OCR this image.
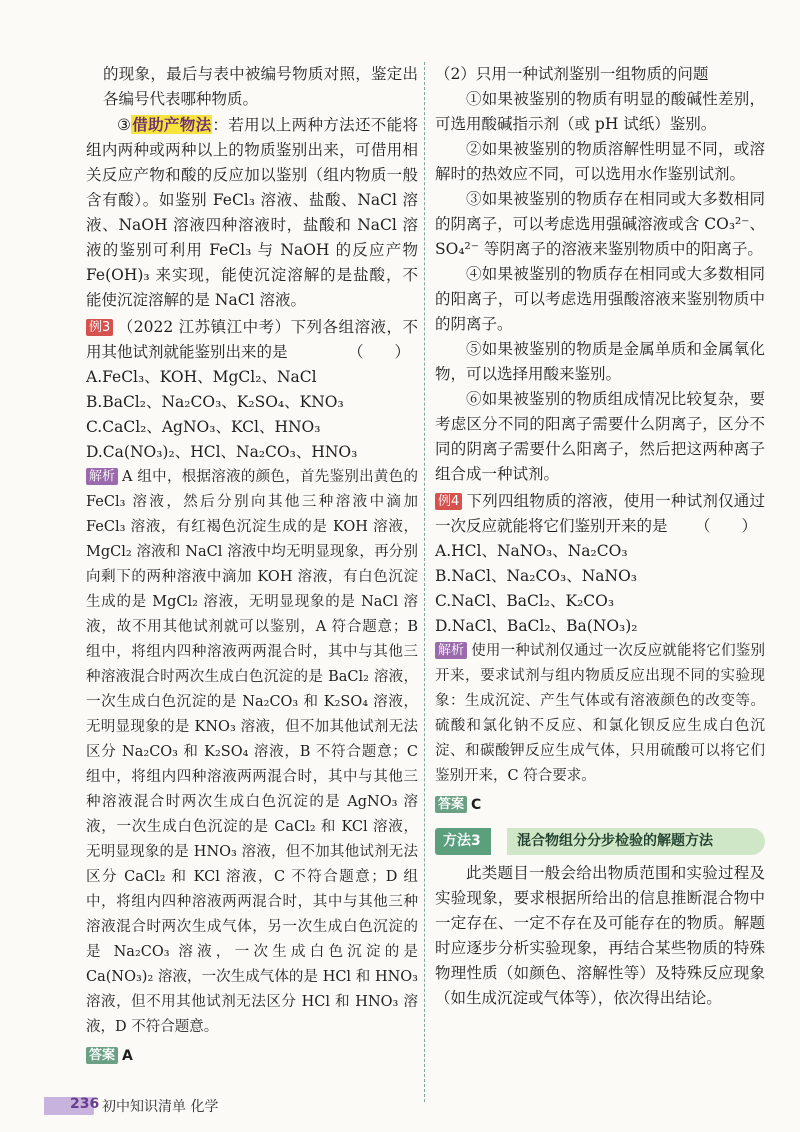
的现象，最后与表中被编号物质对照，鉴定出各编号代表哪种物质。

③借助产物法：若用以上两种方法还不能将组内两种或两种以上的物质鉴别出来，可借用相关反应产物和酸的反应加以鉴别（组内物质一般含有酸）。如鉴别 FeCl₃ 溶液、盐酸、NaCl 溶液、NaOH 溶液四种溶液时，盐酸和 NaCl 溶液的鉴别可利用 FeCl₃ 与 NaOH 的反应产物 Fe(OH)₃ 来实现，能使沉淀溶解的是盐酸，不能使沉淀溶解的是 NaCl 溶液。

例3 （2022 江苏镇江中考）下列各组溶液，不用其他试剂就能鉴别出来的是	（　　）

A.FeCl₃、KOH、MgCl₂、NaCl

B.BaCl₂、Na₂CO₃、K₂SO₄、KNO₃

C.CaCl₂、AgNO₃、KCl、HNO₃

D.Ca(NO₃)₂、HCl、Na₂CO₃、HNO₃

解析 A 组中，根据溶液的颜色，首先鉴别出黄色的 FeCl₃ 溶液，然后分别向其他三种溶液中滴加 FeCl₃ 溶液，有红褐色沉淀生成的是 KOH 溶液，MgCl₂ 溶液和 NaCl 溶液中均无明显现象，再分别向剩下的两种溶液中滴加 KOH 溶液，有白色沉淀生成的是 MgCl₂ 溶液，无明显现象的是 NaCl 溶液，故不用其他试剂就可以鉴别，A 符合题意；B 组中，将组内四种溶液两两混合时，其中与其他三种溶液混合时两次生成白色沉淀的是 BaCl₂ 溶液，一次生成白色沉淀的是 Na₂CO₃ 和 K₂SO₄ 溶液，无明显现象的是 KNO₃ 溶液，但不加其他试剂无法区分 Na₂CO₃ 和 K₂SO₄ 溶液，B 不符合题意；C 组中，将组内四种溶液两两混合时，其中与其他三种溶液混合时两次生成白色沉淀的是 AgNO₃ 溶液，一次生成白色沉淀的是 CaCl₂ 和 KCl 溶液，无明显现象的是 HNO₃ 溶液，但不加其他试剂无法区分 CaCl₂ 和 KCl 溶液，C 不符合题意；D 组中，将组内四种溶液两两混合时，其中与其他三种溶液混合时两次生成气体，另一次生成白色沉淀的是 Na₂CO₃ 溶液，一次生成白色沉淀的是 Ca(NO₃)₂ 溶液，一次生成气体的是 HCl 和 HNO₃ 溶液，但不用其他试剂无法区分 HCl 和 HNO₃ 溶液，D 不符合题意。

答案 A

（2）只用一种试剂鉴别一组物质的问题

①如果被鉴别的物质有明显的酸碱性差别，可选用酸碱指示剂（或 pH 试纸）鉴别。

②如果被鉴别的物质溶解性明显不同，或溶解时的热效应不同，可以选用水作鉴别试剂。

③如果被鉴别的物质存在相同或大多数相同的阴离子，可以考虑选用强碱溶液或含 CO₃²⁻、SO₄²⁻ 等阴离子的溶液来鉴别物质中的阳离子。

④如果被鉴别的物质存在相同或大多数相同的阳离子，可以考虑选用强酸溶液来鉴别物质中的阴离子。

⑤如果被鉴别的物质是金属单质和金属氧化物，可以选择用酸来鉴别。

⑥如果被鉴别的物质组成情况比较复杂，要考虑区分不同的阳离子需要什么阴离子，区分不同的阴离子需要什么阳离子，然后把这两种离子组合成一种试剂。

例4 下列四组物质的溶液，使用一种试剂仅通过一次反应就能将它们鉴别开来的是 （　　）

A.HCl、NaNO₃、Na₂CO₃

B.NaCl、Na₂CO₃、NaNO₃

C.NaCl、BaCl₂、K₂CO₃

D.NaCl、BaCl₂、Ba(NO₃)₂

解析 使用一种试剂仅通过一次反应就能将它们鉴别开来，要求试剂与组内物质反应出现不同的实验现象：生成沉淀、产生气体或有溶液颜色的改变等。硫酸和氯化钠不反应、和氯化钡反应生成白色沉淀、和碳酸钾反应生成气体，只用硫酸可以将它们鉴别开来，C 符合要求。

答案 C

方法3	混合物组分分步检验的解题方法

此类题目一般会给出物质范围和实验过程及实验现象，要求根据所给出的信息推断混合物中一定存在、一定不存在及可能存在的物质。解题时应逐步分析实验现象，再结合某些物质的特殊物理性质（如颜色、溶解性等）及特殊反应现象（如生成沉淀或气体等），依次得出结论。

236 初中知识清单 化学
